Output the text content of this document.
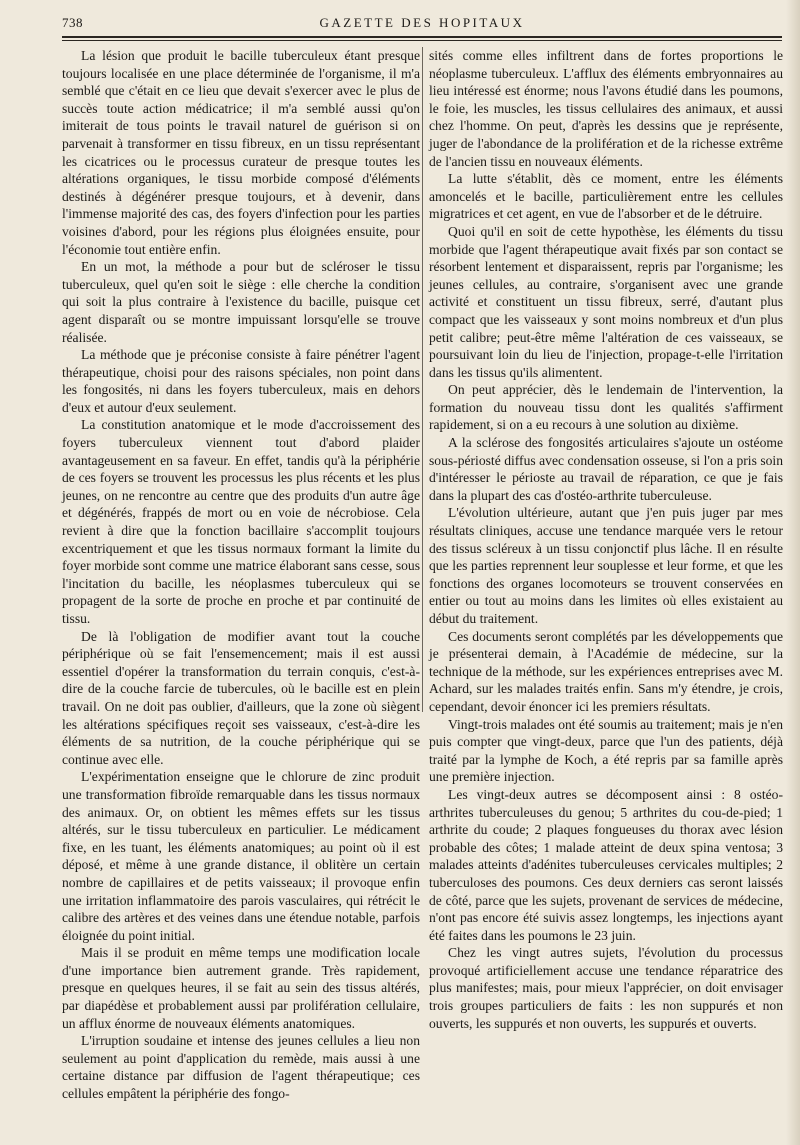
738	GAZETTE DES HOPITAUX

La lésion que produit le bacille tuberculeux étant presque toujours localisée en une place déterminée de l'organisme, il m'a semblé que c'était en ce lieu que devait s'exercer avec le plus de succès toute action médicatrice; il m'a semblé aussi qu'on imiterait de tous points le travail naturel de guérison si on parvenait à transformer en tissu fibreux, en un tissu représentant les cicatrices ou le processus curateur de presque toutes les altérations organiques, le tissu morbide composé d'éléments destinés à dégénérer presque toujours, et à devenir, dans l'immense majorité des cas, des foyers d'infection pour les parties voisines d'abord, pour les régions plus éloignées ensuite, pour l'économie tout entière enfin.

En un mot, la méthode a pour but de scléroser le tissu tuberculeux, quel qu'en soit le siège : elle cherche la condition qui soit la plus contraire à l'existence du bacille, puisque cet agent disparaît ou se montre impuissant lorsqu'elle se trouve réalisée.

La méthode que je préconise consiste à faire pénétrer l'agent thérapeutique, choisi pour des raisons spéciales, non point dans les fongosités, ni dans les foyers tuberculeux, mais en dehors d'eux et autour d'eux seulement.

La constitution anatomique et le mode d'accroissement des foyers tuberculeux viennent tout d'abord plaider avantageusement en sa faveur. En effet, tandis qu'à la périphérie de ces foyers se trouvent les processus les plus récents et les plus jeunes, on ne rencontre au centre que des produits d'un autre âge et dégénérés, frappés de mort ou en voie de nécrobiose. Cela revient à dire que la fonction bacillaire s'accomplit toujours excentriquement et que les tissus normaux formant la limite du foyer morbide sont comme une matrice élaborant sans cesse, sous l'incitation du bacille, les néoplasmes tuberculeux qui se propagent de la sorte de proche en proche et par continuité de tissu.

De là l'obligation de modifier avant tout la couche périphérique où se fait l'ensemencement; mais il est aussi essentiel d'opérer la transformation du terrain conquis, c'est-à-dire de la couche farcie de tubercules, où le bacille est en plein travail. On ne doit pas oublier, d'ailleurs, que la zone où siègent les altérations spécifiques reçoit ses vaisseaux, c'est-à-dire les éléments de sa nutrition, de la couche périphérique qui se continue avec elle.

L'expérimentation enseigne que le chlorure de zinc produit une transformation fibroïde remarquable dans les tissus normaux des animaux. Or, on obtient les mêmes effets sur les tissus altérés, sur le tissu tuberculeux en particulier. Le médicament fixe, en les tuant, les éléments anatomiques; au point où il est déposé, et même à une grande distance, il oblitère un certain nombre de capillaires et de petits vaisseaux; il provoque enfin une irritation inflammatoire des parois vasculaires, qui rétrécit le calibre des artères et des veines dans une étendue notable, parfois éloignée du point initial.

Mais il se produit en même temps une modification locale d'une importance bien autrement grande. Très rapidement, presque en quelques heures, il se fait au sein des tissus altérés, par diapédèse et probablement aussi par prolifération cellulaire, un afflux énorme de nouveaux éléments anatomiques.

L'irruption soudaine et intense des jeunes cellules a lieu non seulement au point d'application du remède, mais aussi à une certaine distance par diffusion de l'agent thérapeutique; ces cellules empâtent la périphérie des fongo-

sités comme elles infiltrent dans de fortes proportions le néoplasme tuberculeux. L'afflux des éléments embryonnaires au lieu intéressé est énorme; nous l'avons étudié dans les poumons, le foie, les muscles, les tissus cellulaires des animaux, et aussi chez l'homme. On peut, d'après les dessins que je représente, juger de l'abondance de la prolifération et de la richesse extrême de l'ancien tissu en nouveaux éléments.

La lutte s'établit, dès ce moment, entre les éléments amoncelés et le bacille, particulièrement entre les cellules migratrices et cet agent, en vue de l'absorber et de le détruire.

Quoi qu'il en soit de cette hypothèse, les éléments du tissu morbide que l'agent thérapeutique avait fixés par son contact se résorbent lentement et disparaissent, repris par l'organisme; les jeunes cellules, au contraire, s'organisent avec une grande activité et constituent un tissu fibreux, serré, d'autant plus compact que les vaisseaux y sont moins nombreux et d'un plus petit calibre; peut-être même l'altération de ces vaisseaux, se poursuivant loin du lieu de l'injection, propage-t-elle l'irritation dans les tissus qu'ils alimentent.

On peut apprécier, dès le lendemain de l'intervention, la formation du nouveau tissu dont les qualités s'affirment rapidement, si on a eu recours à une solution au dixième.

A la sclérose des fongosités articulaires s'ajoute un ostéome sous-périosté diffus avec condensation osseuse, si l'on a pris soin d'intéresser le périoste au travail de réparation, ce que je fais dans la plupart des cas d'ostéo-arthrite tuberculeuse.

L'évolution ultérieure, autant que j'en puis juger par mes résultats cliniques, accuse une tendance marquée vers le retour des tissus scléreux à un tissu conjonctif plus lâche. Il en résulte que les parties reprennent leur souplesse et leur forme, et que les fonctions des organes locomoteurs se trouvent conservées en entier ou tout au moins dans les limites où elles existaient au début du traitement.

Ces documents seront complétés par les développements que je présenterai demain, à l'Académie de médecine, sur la technique de la méthode, sur les expériences entreprises avec M. Achard, sur les malades traités enfin. Sans m'y étendre, je crois, cependant, devoir énoncer ici les premiers résultats.

Vingt-trois malades ont été soumis au traitement; mais je n'en puis compter que vingt-deux, parce que l'un des patients, déjà traité par la lymphe de Koch, a été repris par sa famille après une première injection.

Les vingt-deux autres se décomposent ainsi : 8 ostéo-arthrites tuberculeuses du genou; 5 arthrites du cou-de-pied; 1 arthrite du coude; 2 plaques fongueuses du thorax avec lésion probable des côtes; 1 malade atteint de deux spina ventosa; 3 malades atteints d'adénites tuberculeuses cervicales multiples; 2 tuberculoses des poumons. Ces deux derniers cas seront laissés de côté, parce que les sujets, provenant de services de médecine, n'ont pas encore été suivis assez longtemps, les injections ayant été faites dans les poumons le 23 juin.

Chez les vingt autres sujets, l'évolution du processus provoqué artificiellement accuse une tendance réparatrice des plus manifestes; mais, pour mieux l'apprécier, on doit envisager trois groupes particuliers de faits : les non suppurés et non ouverts, les suppurés et non ouverts, les suppurés et ouverts.
